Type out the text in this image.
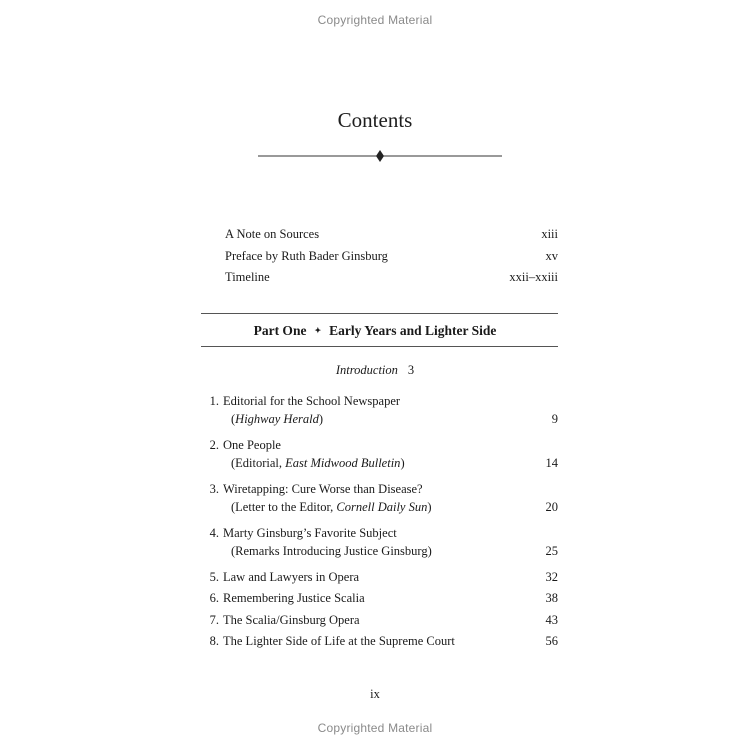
Copyrighted Material
Contents
A Note on Sources	xiii
Preface by Ruth Bader Ginsburg	xv
Timeline	xxii–xxiii
Part One ✦ Early Years and Lighter Side
Introduction 3
1. Editorial for the School Newspaper
(Highway Herald)	9
2. One People
(Editorial, East Midwood Bulletin)	14
3. Wiretapping: Cure Worse than Disease?
(Letter to the Editor, Cornell Daily Sun)	20
4. Marty Ginsburg’s Favorite Subject
(Remarks Introducing Justice Ginsburg)	25
5. Law and Lawyers in Opera	32
6. Remembering Justice Scalia	38
7. The Scalia/Ginsburg Opera	43
8. The Lighter Side of Life at the Supreme Court	56
ix
Copyrighted Material
